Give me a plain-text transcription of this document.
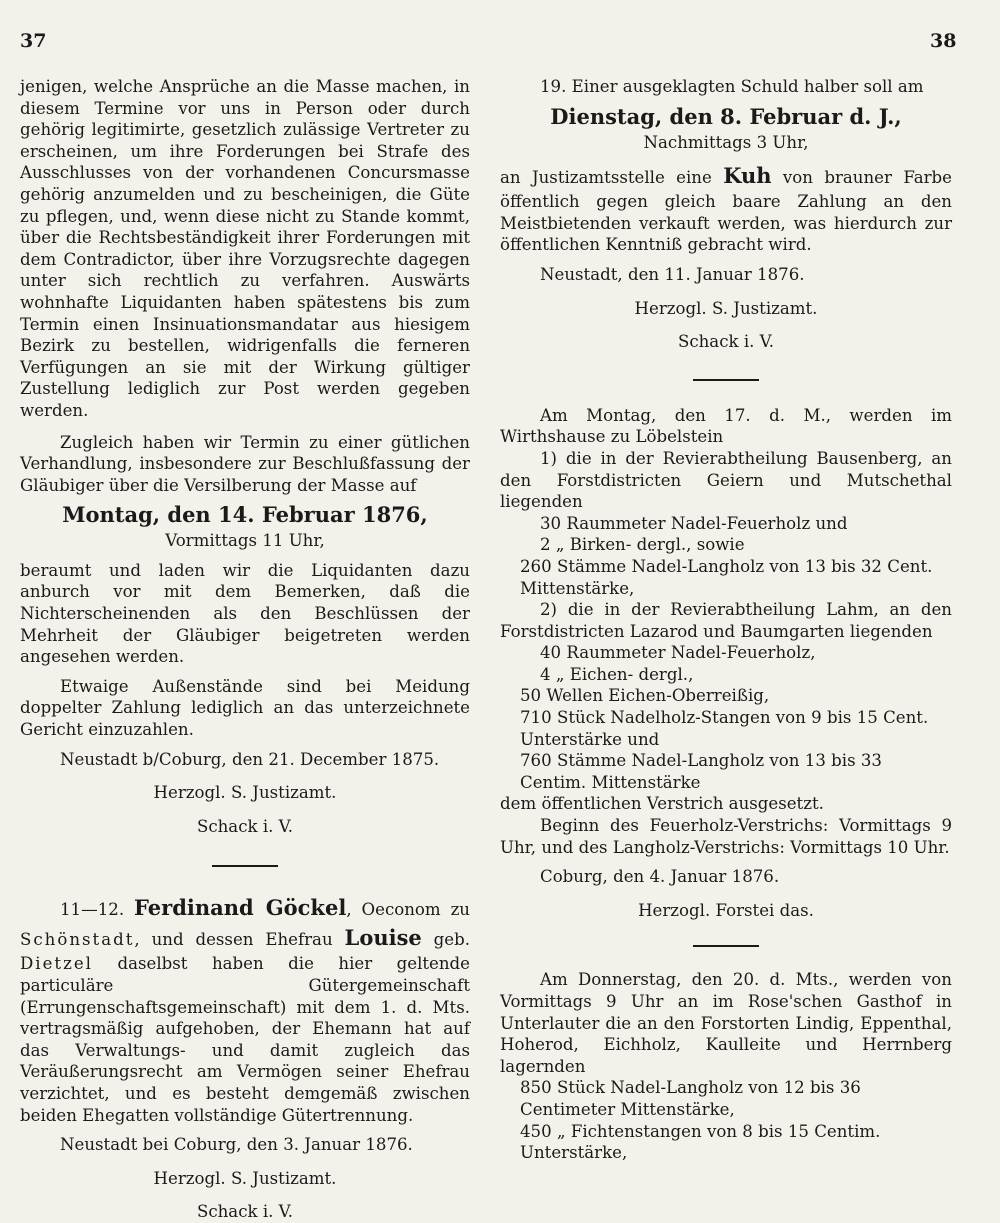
37	38

jenigen, welche Ansprüche an die Masse machen, in diesem Termine vor uns in Person oder durch gehörig legitimirte, gesetzlich zulässige Vertreter zu erscheinen, um ihre Forderungen bei Strafe des Ausschlusses von der vorhandenen Concursmasse gehörig anzumelden und zu bescheinigen, die Güte zu pflegen, und, wenn diese nicht zu Stande kommt, über die Rechtsbeständigkeit ihrer Forderungen mit dem Contradictor, über ihre Vorzugsrechte dagegen unter sich rechtlich zu verfahren. Auswärts wohnhafte Liquidanten haben spätestens bis zum Termin einen Insinuationsmandatar aus hiesigem Bezirk zu bestellen, widrigenfalls die ferneren Verfügungen an sie mit der Wirkung gültiger Zustellung lediglich zur Post werden gegeben werden.

Zugleich haben wir Termin zu einer gütlichen Verhandlung, insbesondere zur Beschlußfassung der Gläubiger über die Versilberung der Masse auf

Montag, den 14. Februar 1876,

Vormittags 11 Uhr,

beraumt und laden wir die Liquidanten dazu anburch vor mit dem Bemerken, daß die Nichterscheinenden als den Beschlüssen der Mehrheit der Gläubiger beigetreten werden angesehen werden.

Etwaige Außenstände sind bei Meidung doppelter Zahlung lediglich an das unterzeichnete Gericht einzuzahlen.

Neustadt b/Coburg, den 21. December 1875.

Herzogl. S. Justizamt.

Schack i. V.

11—12. Ferdinand Göckel, Oeconom zu Schönstadt, und dessen Ehefrau Louise geb. Dietzel daselbst haben die hier geltende particuläre Gütergemeinschaft (Errungenschaftsgemeinschaft) mit dem 1. d. Mts. vertragsmäßig aufgehoben, der Ehemann hat auf das Verwaltungs- und damit zugleich das Veräußerungsrecht am Vermögen seiner Ehefrau verzichtet, und es besteht demgemäß zwischen beiden Ehegatten vollständige Gütertrennung.

Neustadt bei Coburg, den 3. Januar 1876.

Herzogl. S. Justizamt.

Schack i. V.

19. Einer ausgeklagten Schuld halber soll am

Dienstag, den 8. Februar d. J.,

Nachmittags 3 Uhr,

an Justizamtsstelle eine Kuh von brauner Farbe öffentlich gegen gleich baare Zahlung an den Meistbietenden verkauft werden, was hierdurch zur öffentlichen Kenntniß gebracht wird.

Neustadt, den 11. Januar 1876.

Herzogl. S. Justizamt.

Schack i. V.

Am Montag, den 17. d. M., werden im Wirthshause zu Löbelstein

1) die in der Revierabtheilung Bausenberg, an den Forstdistricten Geiern und Mutschethal liegenden

30 Raummeter Nadel-Feuerholz und

2 „ Birken- dergl., sowie

260 Stämme Nadel-Langholz von 13 bis 32 Cent. Mittenstärke,

2) die in der Revierabtheilung Lahm, an den Forstdistricten Lazarod und Baumgarten liegenden

40 Raummeter Nadel-Feuerholz,

4 „ Eichen- dergl.,

50 Wellen Eichen-Oberreißig,

710 Stück Nadelholz-Stangen von 9 bis 15 Cent. Unterstärke und

760 Stämme Nadel-Langholz von 13 bis 33 Centim. Mittenstärke

dem öffentlichen Verstrich ausgesetzt.

Beginn des Feuerholz-Verstrichs: Vormittags 9 Uhr, und des Langholz-Verstrichs: Vormittags 10 Uhr.

Coburg, den 4. Januar 1876.

Herzogl. Forstei das.

Am Donnerstag, den 20. d. Mts., werden von Vormittags 9 Uhr an im Rose'schen Gasthof in Unterlauter die an den Forstorten Lindig, Eppenthal, Hoherod, Eichholz, Kaulleite und Herrnberg lagernden

850 Stück Nadel-Langholz von 12 bis 36 Centimeter Mittenstärke,

450 „ Fichtenstangen von 8 bis 15 Centim. Unterstärke,
